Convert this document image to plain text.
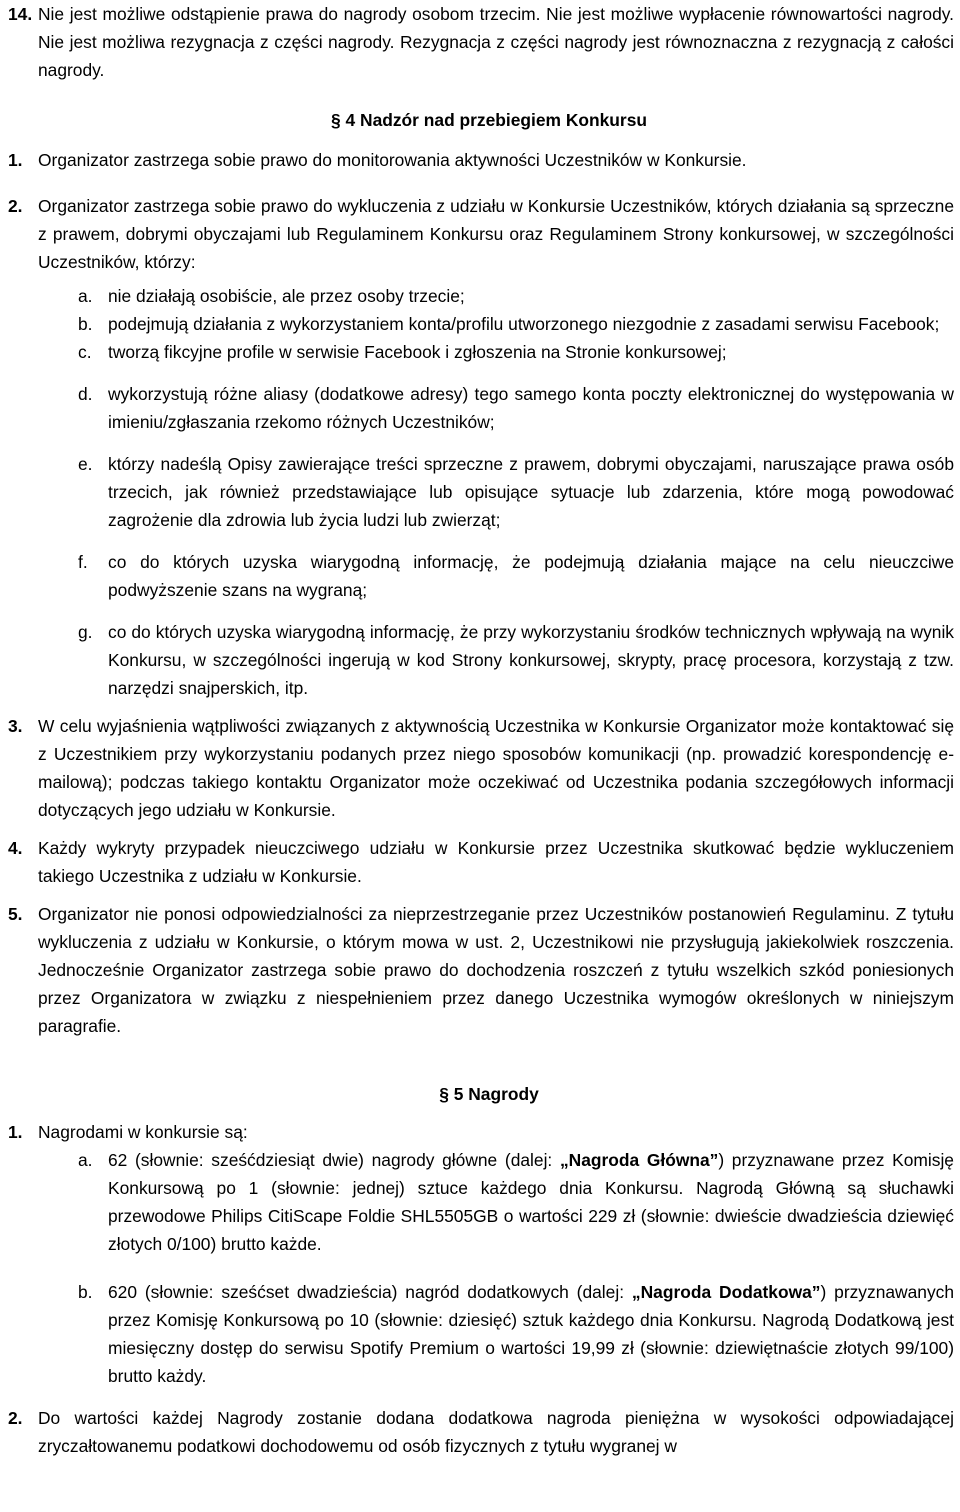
14. Nie jest możliwe odstąpienie prawa do nagrody osobom trzecim. Nie jest możliwe wypłacenie równowartości nagrody. Nie jest możliwa rezygnacja z części nagrody. Rezygnacja z części nagrody jest równoznaczna z rezygnacją z całości nagrody.
§ 4 Nadzór nad przebiegiem Konkursu
1. Organizator zastrzega sobie prawo do monitorowania aktywności Uczestników w Konkursie.
2. Organizator zastrzega sobie prawo do wykluczenia z udziału w Konkursie Uczestników, których działania są sprzeczne z prawem, dobrymi obyczajami lub Regulaminem Konkursu oraz Regulaminem Strony konkursowej, w szczególności Uczestników, którzy:
a. nie działają osobiście, ale przez osoby trzecie;
b. podejmują działania z wykorzystaniem konta/profilu utworzonego niezgodnie z zasadami serwisu Facebook;
c. tworzą fikcyjne profile w serwisie Facebook i zgłoszenia na Stronie konkursowej;
d. wykorzystują różne aliasy (dodatkowe adresy) tego samego konta poczty elektronicznej do występowania w imieniu/zgłaszania rzekomo różnych Uczestników;
e. którzy nadeślą Opisy zawierające treści sprzeczne z prawem, dobrymi obyczajami, naruszające prawa osób trzecich, jak również przedstawiające lub opisujące sytuacje lub zdarzenia, które mogą powodować zagrożenie dla zdrowia lub życia ludzi lub zwierząt;
f.	co do których uzyska wiarygodną informację, że podejmują działania mające na celu nieuczciwe podwyższenie szans na wygraną;
g. co do których uzyska wiarygodną informację, że przy wykorzystaniu środków technicznych wpływają na wynik Konkursu, w szczególności ingerują w kod Strony konkursowej, skrypty, pracę procesora, korzystają z tzw. narzędzi snajperskich, itp.
3. W celu wyjaśnienia wątpliwości związanych z aktywnością Uczestnika w Konkursie Organizator może kontaktować się z Uczestnikiem przy wykorzystaniu podanych przez niego sposobów komunikacji (np. prowadzić korespondencję e-mailową); podczas takiego kontaktu Organizator może oczekiwać od Uczestnika podania szczegółowych informacji dotyczących jego udziału w Konkursie.
4. Każdy wykryty przypadek nieuczciwego udziału w Konkursie przez Uczestnika skutkować będzie wykluczeniem takiego Uczestnika z udziału w Konkursie.
5. Organizator nie ponosi odpowiedzialności za nieprzestrzeganie przez Uczestników postanowień Regulaminu. Z tytułu wykluczenia z udziału w Konkursie, o którym mowa w ust. 2, Uczestnikowi nie przysługują jakiekolwiek roszczenia. Jednocześnie Organizator zastrzega sobie prawo do dochodzenia roszczeń z tytułu wszelkich szkód poniesionych przez Organizatora w związku z niespełnieniem przez danego Uczestnika wymogów określonych w niniejszym paragrafie.
§ 5 Nagrody
1. Nagrodami w konkursie są:
a. 62 (słownie: sześćdziesiąt dwie) nagrody główne (dalej: „Nagroda Główna”) przyznawane przez Komisję Konkursową po 1 (słownie: jednej) sztuce każdego dnia Konkursu. Nagrodą Główną są słuchawki przewodowe Philips CitiScape Foldie SHL5505GB o wartości 229 zł (słownie: dwieście dwadzieścia dziewięć złotych 0/100) brutto każde.
b. 620 (słownie: sześćset dwadzieścia) nagród dodatkowych (dalej: „Nagroda Dodatkowa”) przyznawanych przez Komisję Konkursową po 10 (słownie: dziesięć) sztuk każdego dnia Konkursu. Nagrodą Dodatkową jest miesięczny dostęp do serwisu Spotify Premium o wartości 19,99 zł (słownie: dziewiętnaście złotych 99/100) brutto każdy.
2. Do wartości każdej Nagrody zostanie dodana dodatkowa nagroda pieniężna w wysokości odpowiadającej zryczałtowanemu podatkowi dochodowemu od osób fizycznych z tytułu wygranej w
